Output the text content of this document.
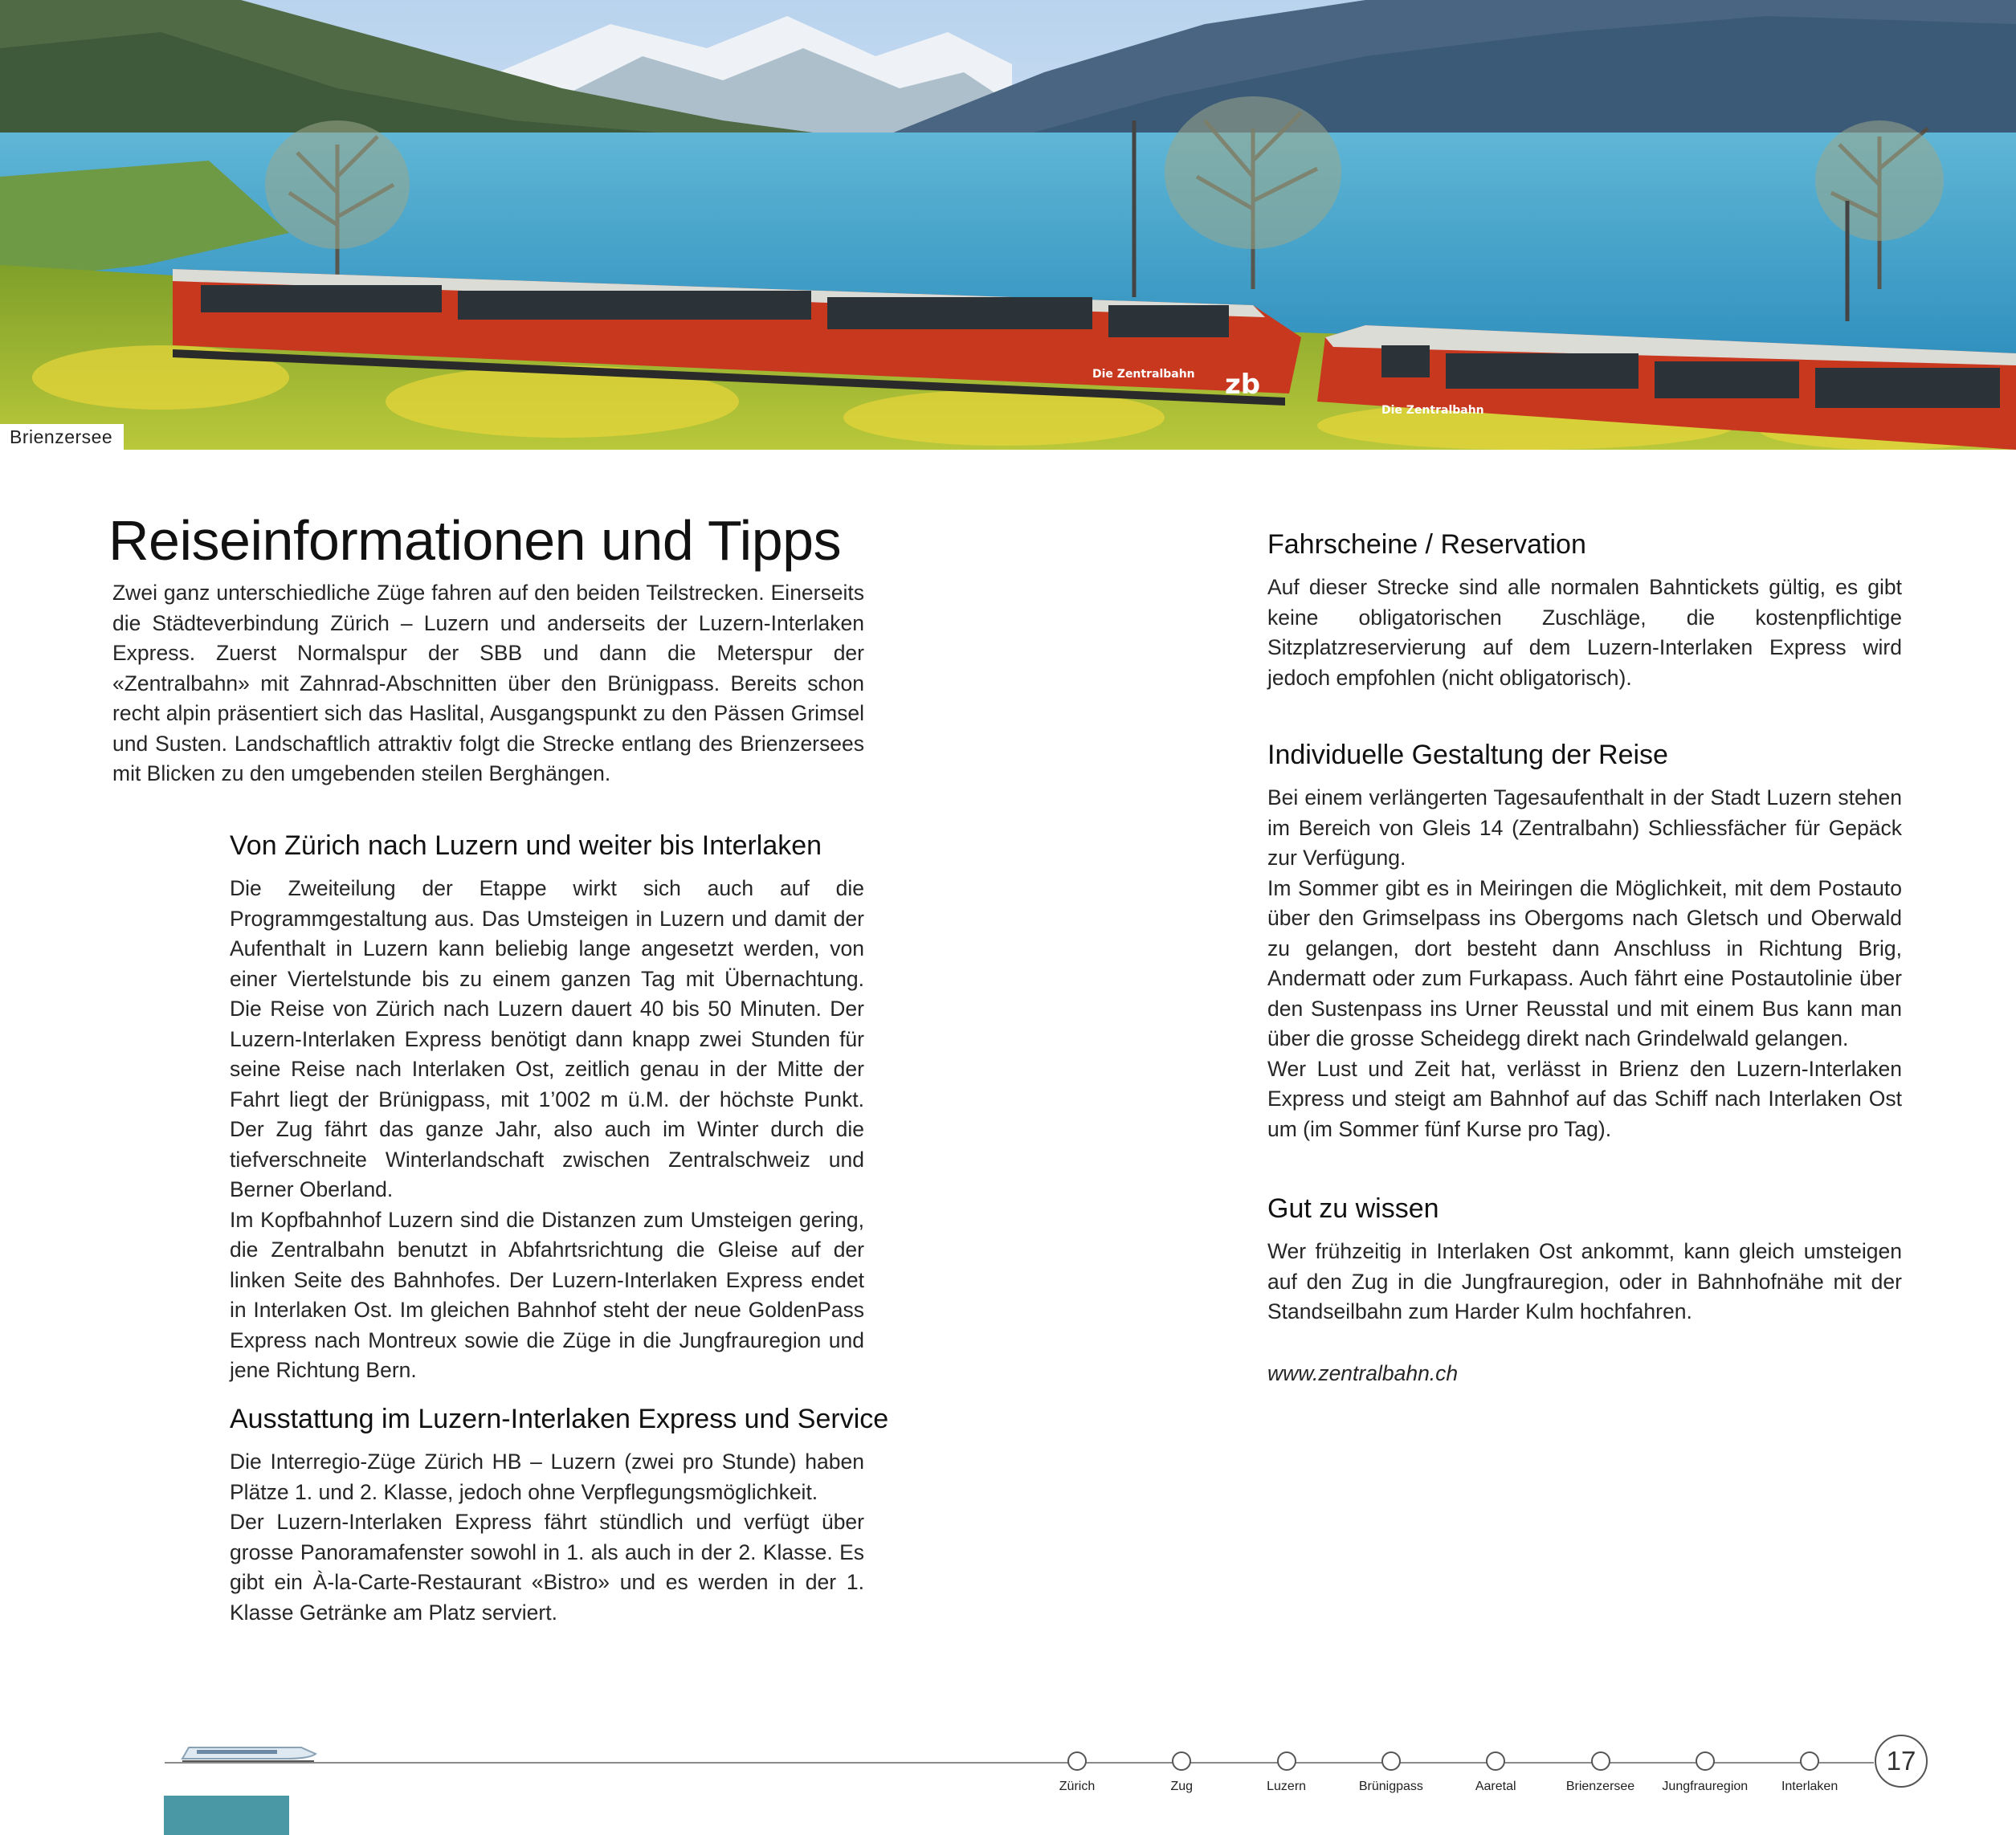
zb
Die Zentralbahn
Die Zentralbahn
Brienzersee
Reiseinformationen und Tipps

Zwei ganz unterschiedliche Züge fahren auf den beiden Teilstrecken. Einerseits die Städteverbindung Zürich – Luzern und anderseits der Luzern-Interlaken Express. Zuerst Normalspur der SBB und dann die Meterspur der «Zentralbahn» mit Zahnrad-Abschnitten über den Brünigpass. Bereits schon recht alpin präsentiert sich das Haslital, Ausgangspunkt zu den Pässen Grimsel und Susten. Landschaftlich attraktiv folgt die Strecke entlang des Brienzersees mit Blicken zu den umgebenden steilen Berghängen.

Von Zürich nach Luzern und weiter bis Interlaken

Die Zweiteilung der Etappe wirkt sich auch auf die Programmgestaltung aus. Das Umsteigen in Luzern und damit der Aufenthalt in Luzern kann beliebig lange angesetzt werden, von einer Viertelstunde bis zu einem ganzen Tag mit Übernachtung. Die Reise von Zürich nach Luzern dauert 40 bis 50 Minuten. Der Luzern-Interlaken Express benötigt dann knapp zwei Stunden für seine Reise nach Interlaken Ost, zeitlich genau in der Mitte der Fahrt liegt der Brünigpass, mit 1’002 m ü.M. der höchste Punkt. Der Zug fährt das ganze Jahr, also auch im Winter durch die tiefverschneite Winterlandschaft zwischen Zentralschweiz und Berner Oberland.

Im Kopfbahnhof Luzern sind die Distanzen zum Umsteigen gering, die Zentralbahn benutzt in Abfahrtsrichtung die Gleise auf der linken Seite des Bahnhofes. Der Luzern-Interlaken Express endet in Interlaken Ost. Im gleichen Bahnhof steht der neue GoldenPass Express nach Montreux sowie die Züge in die Jungfrauregion und jene Richtung Bern.

Ausstattung im Luzern-Interlaken Express und Service

Die Interregio-Züge Zürich HB – Luzern (zwei pro Stunde) haben Plätze 1. und 2. Klasse, jedoch ohne Verpflegungsmöglichkeit.

Der Luzern-Interlaken Express fährt stündlich und verfügt über grosse Panoramafenster sowohl in 1. als auch in der 2. Klasse. Es gibt ein À-la-Carte-Restaurant «Bistro» und es werden in der 1. Klasse Getränke am Platz serviert.

Fahrscheine / Reservation

Auf dieser Strecke sind alle normalen Bahntickets gültig, es gibt keine obligatorischen Zuschläge, die kostenpflichtige Sitzplatzreservierung auf dem Luzern-Interlaken Express wird jedoch empfohlen (nicht obligatorisch).

Individuelle Gestaltung der Reise

Bei einem verlängerten Tagesaufenthalt in der Stadt Luzern stehen im Bereich von Gleis 14 (Zentralbahn) Schliessfächer für Gepäck zur Verfügung.

Im Sommer gibt es in Meiringen die Möglichkeit, mit dem Postauto über den Grimselpass ins Obergoms nach Gletsch und Oberwald zu gelangen, dort besteht dann Anschluss in Richtung Brig, Andermatt oder zum Furkapass. Auch fährt eine Postautolinie über den Sustenpass ins Urner Reusstal und mit einem Bus kann man über die grosse Scheidegg direkt nach Grindelwald gelangen.

Wer Lust und Zeit hat, verlässt in Brienz den Luzern-Interlaken Express und steigt am Bahnhof auf das Schiff nach Interlaken Ost um (im Sommer fünf Kurse pro Tag).

Gut zu wissen

Wer frühzeitig in Interlaken Ost ankommt, kann gleich umsteigen auf den Zug in die Jungfrauregion, oder in Bahnhofnähe mit der Standseilbahn zum Harder Kulm hochfahren.

www.zentralbahn.ch
Zürich	Zug	Luzern	Brünigpass	Aaretal	Brienzersee	Jungfrauregion	Interlaken
17
